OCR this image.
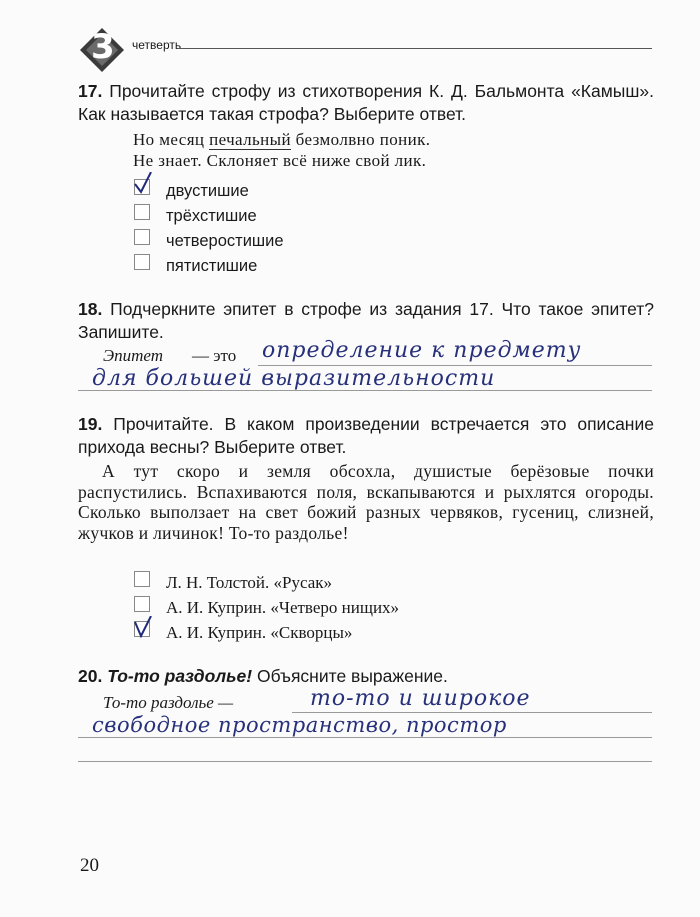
3 четверть
17. Прочитайте строфу из стихотворения К. Д. Бальмонта «Камыш». Как называется такая строфа? Выберите ответ.
Но месяц печальный безмолвно поник.
Не знает. Склоняет всё ниже свой лик.
двустишие
трёхстишие
четверостишие
пятистишие
18. Подчеркните эпитет в строфе из задания 17. Что такое эпитет? Запишите.
Эпитет — это определение к предмету
для большей выразительности
19. Прочитайте. В каком произведении встречается это описание прихода весны? Выберите ответ.
А тут скоро и земля обсохла, душистые берёзовые почки распустились. Вспахиваются поля, вскапываются и рыхлятся огороды. Сколько выползает на свет божий разных червяков, гусениц, слизней, жучков и личинок! То-то раздолье!
Л. Н. Толстой. «Русак»
А. И. Куприн. «Четверо нищих»
А. И. Куприн. «Скворцы»
20. То-то раздолье! Объясните выражение.
То-то раздолье —	то-то и широкое
свободное пространство, простор
20
